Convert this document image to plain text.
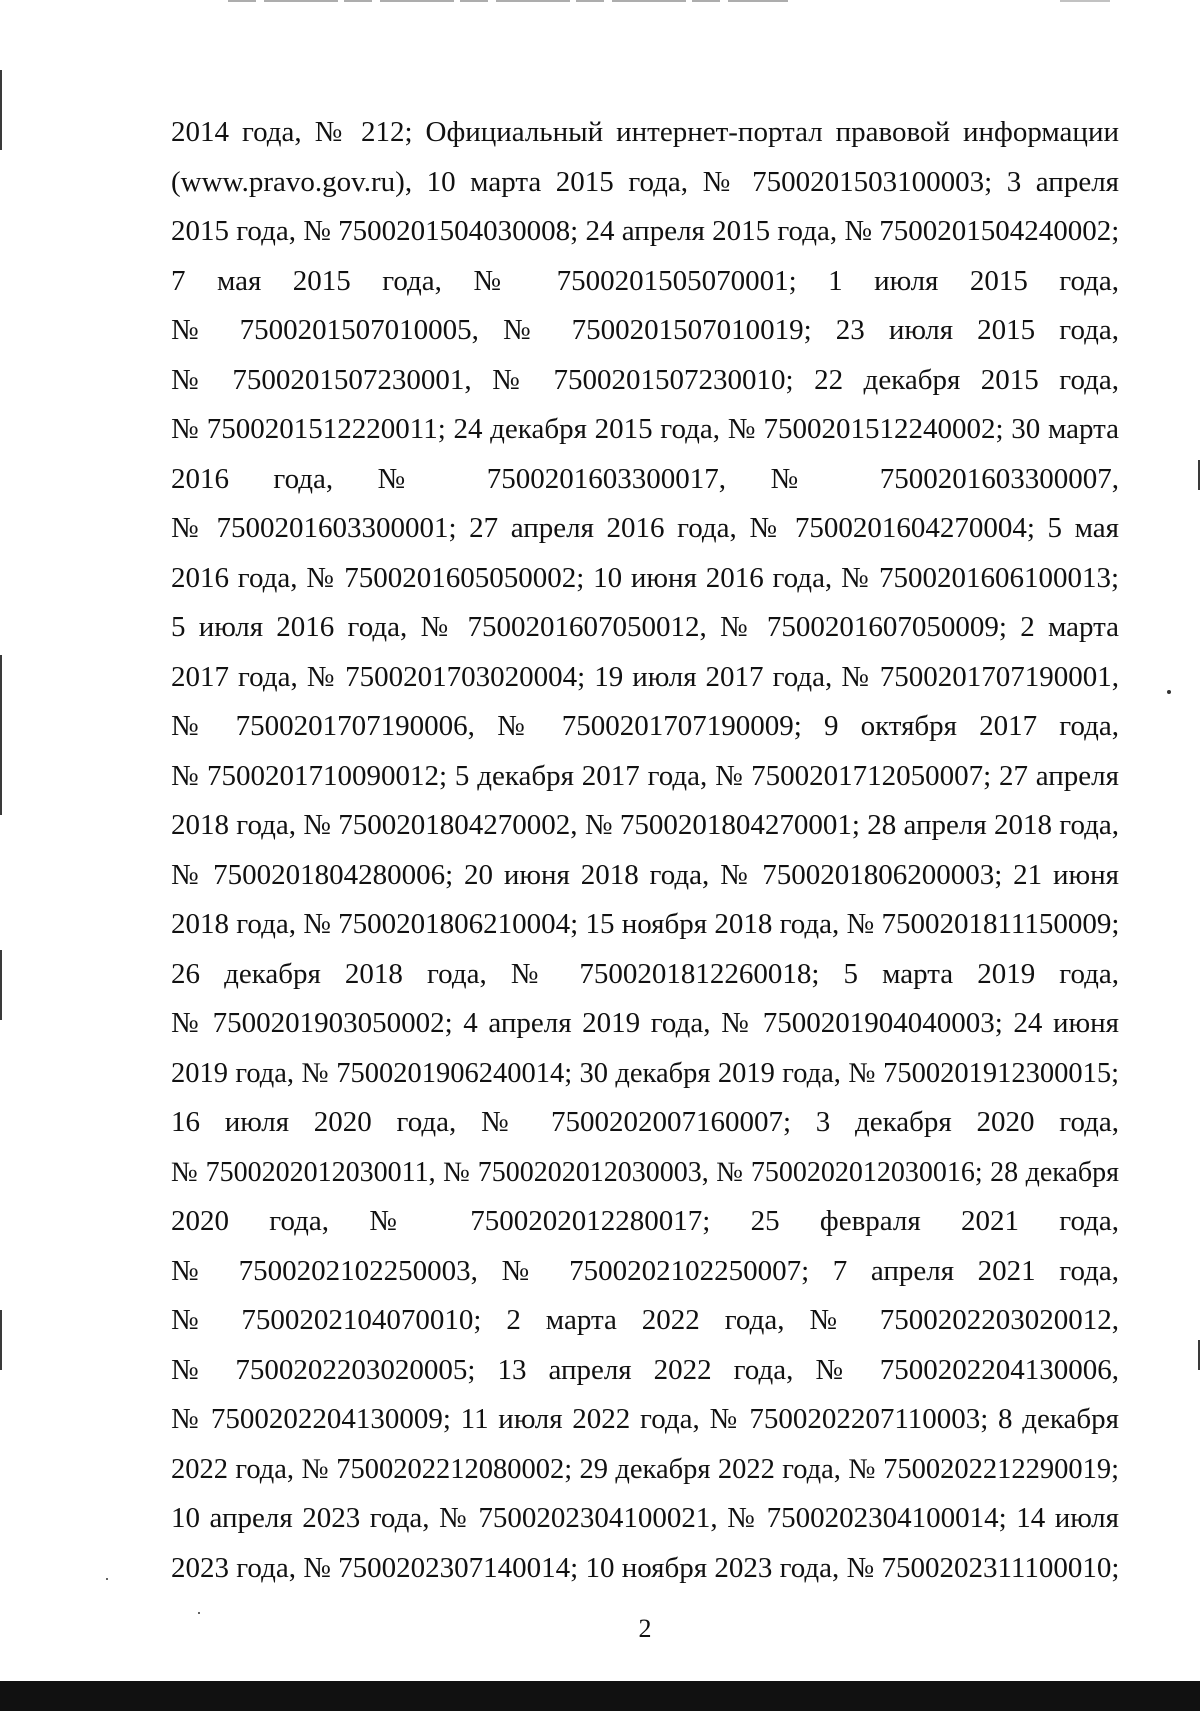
2014 года, № 212; Официальный интернет-портал правовой информации
(www.pravo.gov.ru), 10 марта 2015 года, № 7500201503100003; 3 апреля
2015 года, № 7500201504030008; 24 апреля 2015 года, № 7500201504240002;
7 мая 2015 года, № 7500201505070001; 1 июля 2015 года,
№ 7500201507010005, № 7500201507010019; 23 июля 2015 года,
№ 7500201507230001, № 7500201507230010; 22 декабря 2015 года,
№ 7500201512220011; 24 декабря 2015 года, № 7500201512240002; 30 марта
2016 года, № 7500201603300017, № 7500201603300007,
№ 7500201603300001; 27 апреля 2016 года, № 7500201604270004; 5 мая
2016 года, № 7500201605050002; 10 июня 2016 года, № 7500201606100013;
5 июля 2016 года, № 7500201607050012, № 7500201607050009; 2 марта
2017 года, № 7500201703020004; 19 июля 2017 года, № 7500201707190001,
№ 7500201707190006, № 7500201707190009; 9 октября 2017 года,
№ 7500201710090012; 5 декабря 2017 года, № 7500201712050007; 27 апреля
2018 года, № 7500201804270002, № 7500201804270001; 28 апреля 2018 года,
№ 7500201804280006; 20 июня 2018 года, № 7500201806200003; 21 июня
2018 года, № 7500201806210004; 15 ноября 2018 года, № 7500201811150009;
26 декабря 2018 года, № 7500201812260018; 5 марта 2019 года,
№ 7500201903050002; 4 апреля 2019 года, № 7500201904040003; 24 июня
2019 года, № 7500201906240014; 30 декабря 2019 года, № 7500201912300015;
16 июля 2020 года, № 7500202007160007; 3 декабря 2020 года,
№ 7500202012030011, № 7500202012030003, № 7500202012030016; 28 декабря
2020 года, № 7500202012280017; 25 февраля 2021 года,
№ 7500202102250003, № 7500202102250007; 7 апреля 2021 года,
№ 7500202104070010; 2 марта 2022 года, № 7500202203020012,
№ 7500202203020005; 13 апреля 2022 года, № 7500202204130006,
№ 7500202204130009; 11 июля 2022 года, № 7500202207110003; 8 декабря
2022 года, № 7500202212080002; 29 декабря 2022 года, № 7500202212290019;
10 апреля 2023 года, № 7500202304100021, № 7500202304100014; 14 июля
2023 года, № 7500202307140014; 10 ноября 2023 года, № 7500202311100010;
2
